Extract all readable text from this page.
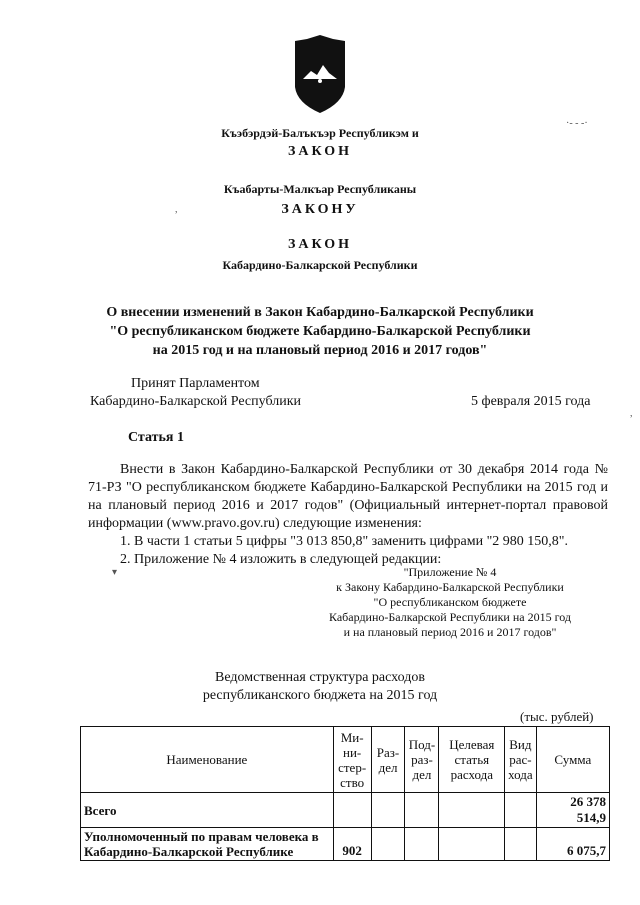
·- - -·
,
,
▾
Къэбэрдэй-Балъкъэр Республикэм и
ЗАКОН
Къабарты-Малкъар Республиканы
ЗАКОНУ
ЗАКОН
Кабардино-Балкарской Республики
О внесении изменений в Закон Кабардино-Балкарской Республики
"О республиканском бюджете Кабардино-Балкарской Республики
на 2015 год и на плановый период 2016 и 2017 годов"
Принят Парламентом
Кабардино-Балкарской Республики	5 февраля 2015 года
Статья 1
Внести в Закон Кабардино-Балкарской Республики от 30 декабря 2014 года № 71-РЗ "О республиканском бюджете Кабардино-Балкарской Республики на 2015 год и на плановый период 2016 и 2017 годов" (Официальный интернет-портал правовой информации (www.pravo.gov.ru) следующие изменения:
1. В части 1 статьи 5 цифры "3 013 850,8" заменить цифрами "2 980 150,8".
2. Приложение № 4 изложить в следующей редакции:
"Приложение № 4
к Закону Кабардино-Балкарской Республики
"О республиканском бюджете
Кабардино-Балкарской Республики на 2015 год
и на плановый период 2016 и 2017 годов"
Ведомственная структура расходов
республиканского бюджета на 2015 год
(тыс. рублей)
Наименование	Ми-
ни-
стер-
ство	Раз-
дел	Под-
раз-
дел	Целевая
статья
расхода	Вид
рас-
хода	Сумма
Всего						26 378 514,9
Уполномоченный по правам человека в Кабардино-Балкарской Республике	902					6 075,7
